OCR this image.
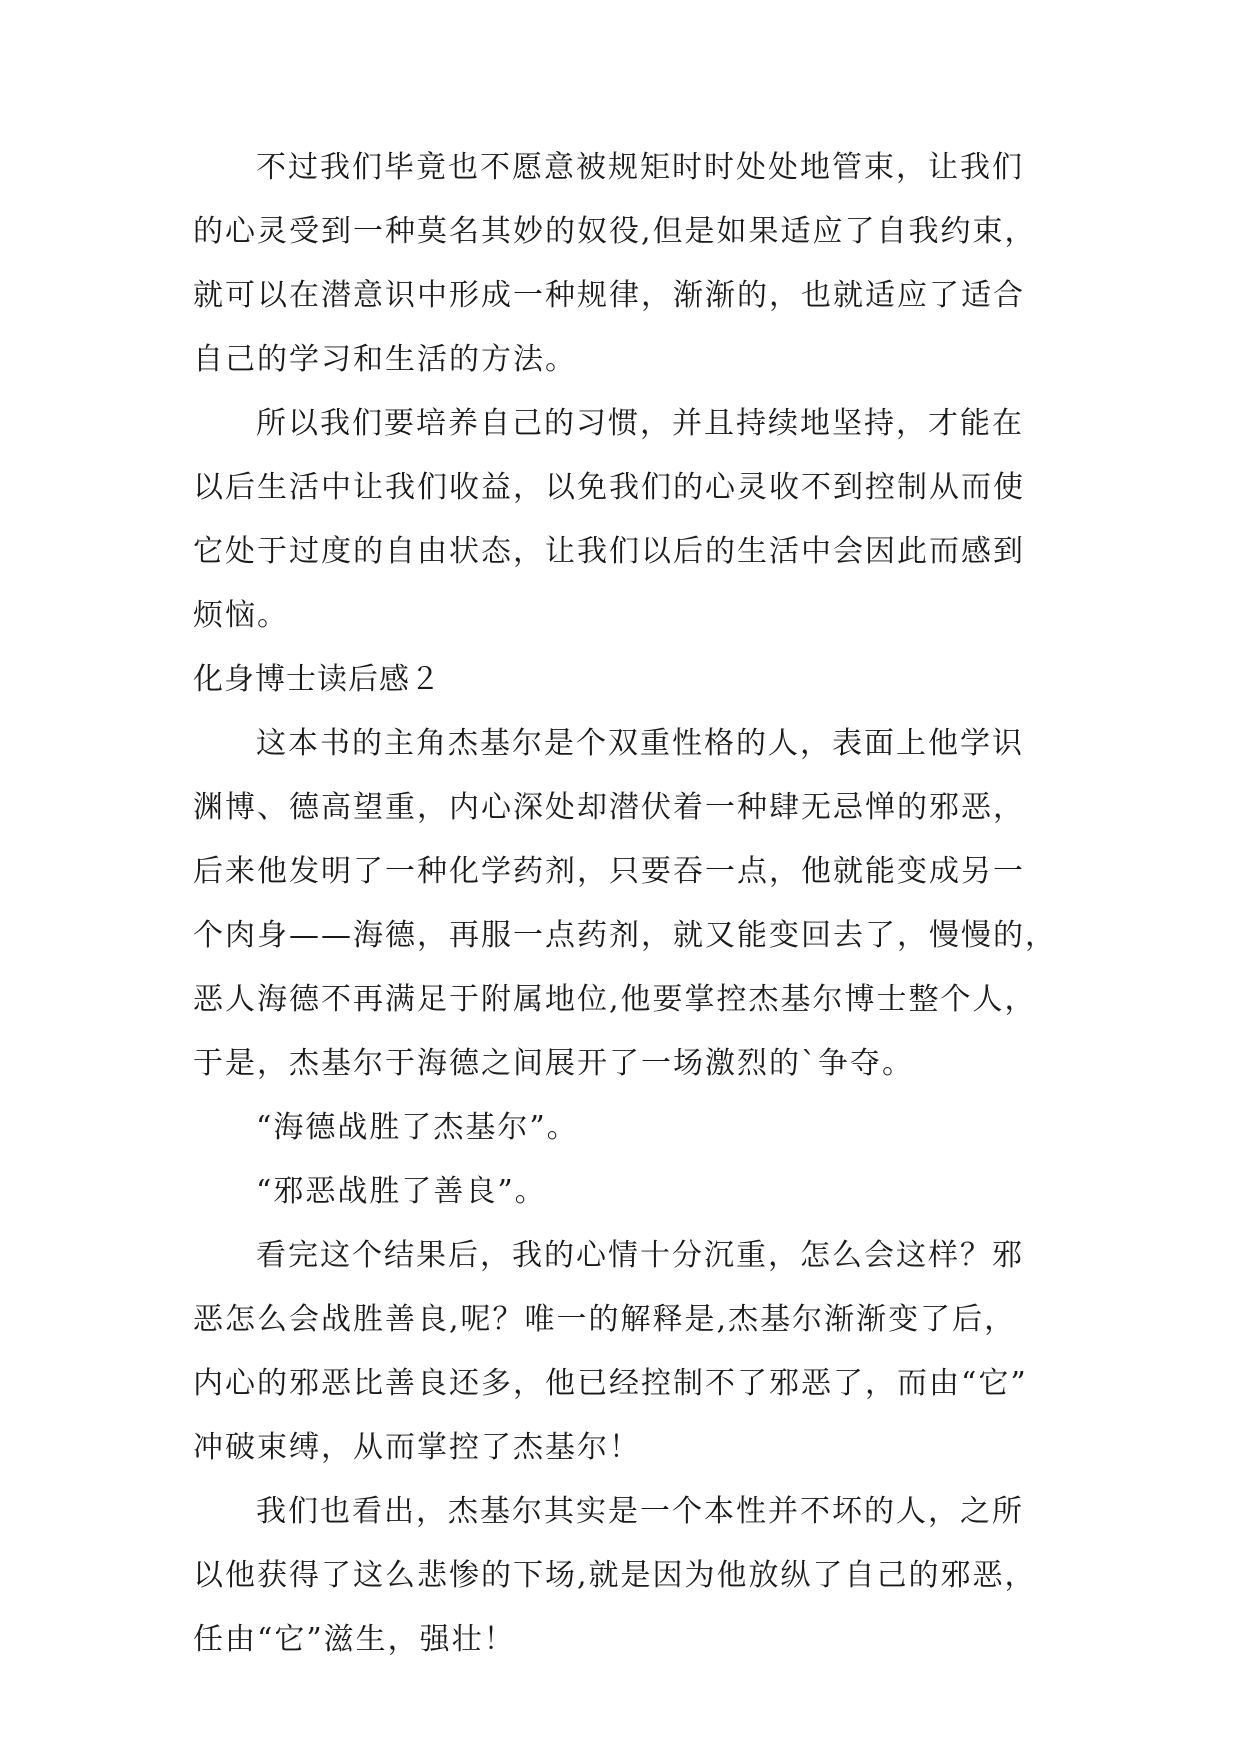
不过我们毕竟也不愿意被规矩时时处处地管束，让我们
的心灵受到一种莫名其妙的奴役,但是如果适应了自我约束，
就可以在潜意识中形成一种规律，渐渐的，也就适应了适合
自己的学习和生活的方法。
所以我们要培养自己的习惯，并且持续地坚持，才能在
以后生活中让我们收益，以免我们的心灵收不到控制从而使
它处于过度的自由状态，让我们以后的生活中会因此而感到
烦恼。
化身博士读后感２
这本书的主角杰基尔是个双重性格的人，表面上他学识
渊博、德高望重，内心深处却潜伏着一种肆无忌惮的邪恶，
后来他发明了一种化学药剂，只要吞一点，他就能变成另一
个肉身——海德，再服一点药剂，就又能变回去了，慢慢的，
恶人海德不再满足于附属地位,他要掌控杰基尔博士整个人，
于是，杰基尔于海德之间展开了一场激烈的`争夺。
“海德战胜了杰基尔”。
“邪恶战胜了善良”。
看完这个结果后，我的心情十分沉重，怎么会这样？邪
恶怎么会战胜善良,呢？唯一的解释是,杰基尔渐渐变了后，
内心的邪恶比善良还多，他已经控制不了邪恶了，而由“它”
冲破束缚，从而掌控了杰基尔！
我们也看出，杰基尔其实是一个本性并不坏的人，之所
以他获得了这么悲惨的下场,就是因为他放纵了自己的邪恶，
任由“它”滋生，强壮！
